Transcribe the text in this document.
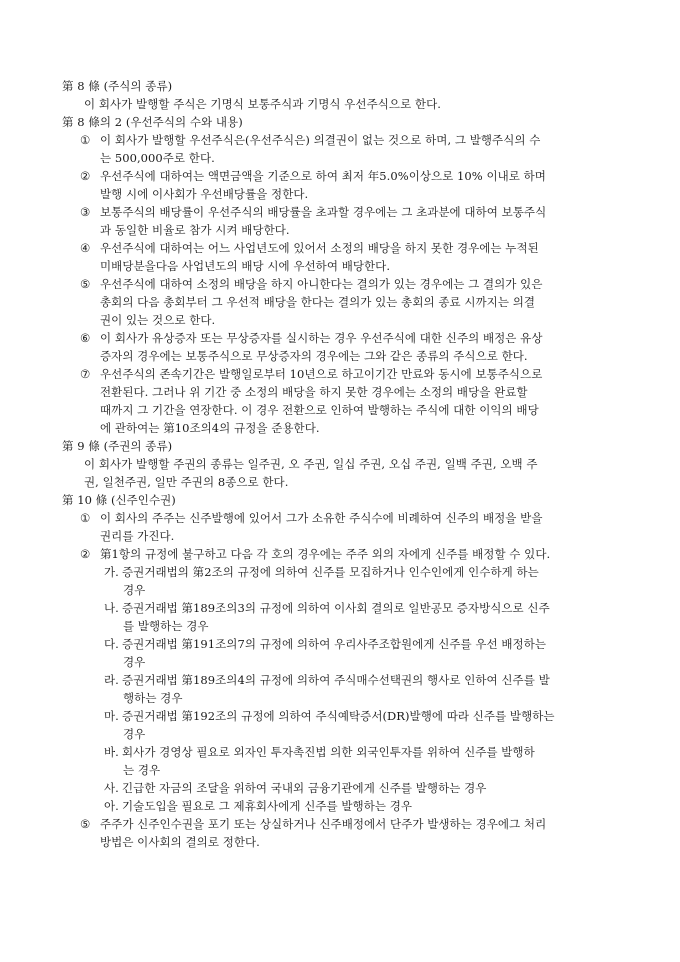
第 8 條 (주식의 종류)
이 회사가 발행할 주식은 기명식 보통주식과 기명식 우선주식으로 한다.
第 8 條의 2 (우선주식의 수와 내용)
① 이 회사가 발행할 우선주식은(우선주식은) 의결권이 없는 것으로 하며, 그 발행주식의 수
는 500,000주로 한다.
② 우선주식에 대하여는 액면금액을 기준으로 하여 최저 年5.0%이상으로 10% 이내로 하며
발행 시에 이사회가 우선배당률을 정한다.
③ 보통주식의 배당률이 우선주식의 배당률을 초과할 경우에는 그 초과분에 대하여 보통주식
과 동일한 비율로 참가 시켜 배당한다.
④ 우선주식에 대하여는 어느 사업년도에 있어서 소정의 배당을 하지 못한 경우에는 누적된
미배당분을다음 사업년도의 배당 시에 우선하여 배당한다.
⑤ 우선주식에 대하여 소정의 배당을 하지 아니한다는 결의가 있는 경우에는 그 결의가 있은
총회의 다음 총회부터 그 우선적 배당을 한다는 결의가 있는 총회의 종료 시까지는 의결
권이 있는 것으로 한다.
⑥ 이 회사가 유상증자 또는 무상증자를 실시하는 경우 우선주식에 대한 신주의 배정은 유상
증자의 경우에는 보통주식으로 무상증자의 경우에는 그와 같은 종류의 주식으로 한다.
⑦ 우선주식의 존속기간은 발행일로부터 10년으로 하고이기간 만료와 동시에 보통주식으로
전환된다. 그러나 위 기간 중 소정의 배당을 하지 못한 경우에는 소정의 배당을 완료할
때까지 그 기간을 연장한다. 이 경우 전환으로 인하여 발행하는 주식에 대한 이익의 배당
에 관하여는 第10조의4의 규정을 준용한다.
第 9 條 (주권의 종류)
이 회사가 발행할 주권의 종류는 일주권, 오 주권, 일십 주권, 오십 주권, 일백 주권, 오백 주
권, 일천주권, 일만 주권의 8종으로 한다.
第 10 條 (신주인수권)
① 이 회사의 주주는 신주발행에 있어서 그가 소유한 주식수에 비례하여 신주의 배정을 받을
권리를 가진다.
② 第1항의 규정에 불구하고 다음 각 호의 경우에는 주주 외의 자에게 신주를 배정할 수 있다.
가. 증권거래법의 第2조의 규정에 의하여 신주를 모집하거나 인수인에게 인수하게 하는
경우
나. 증권거래법 第189조의3의 규정에 의하여 이사회 결의로 일반공모 증자방식으로 신주
를 발행하는 경우
다. 증권거래법 第191조의7의 규정에 의하여 우리사주조합원에게 신주를 우선 배정하는
경우
라. 증권거래법 第189조의4의 규정에 의하여 주식매수선택권의 행사로 인하여 신주를 발
행하는 경우
마. 증권거래법 第192조의 규정에 의하여 주식예탁증서(DR)발행에 따라 신주를 발행하는
경우
바. 회사가 경영상 필요로 외자인 투자촉진법 의한 외국인투자를 위하여 신주를 발행하
는 경우
사. 긴급한 자금의 조달을 위하여 국내외 금융기관에게 신주를 발행하는 경우
아. 기술도입을 필요로 그 제휴회사에게 신주를 발행하는 경우
⑤ 주주가 신주인수권을 포기 또는 상실하거나 신주배정에서 단주가 발생하는 경우에그 처리
방법은 이사회의 결의로 정한다.
